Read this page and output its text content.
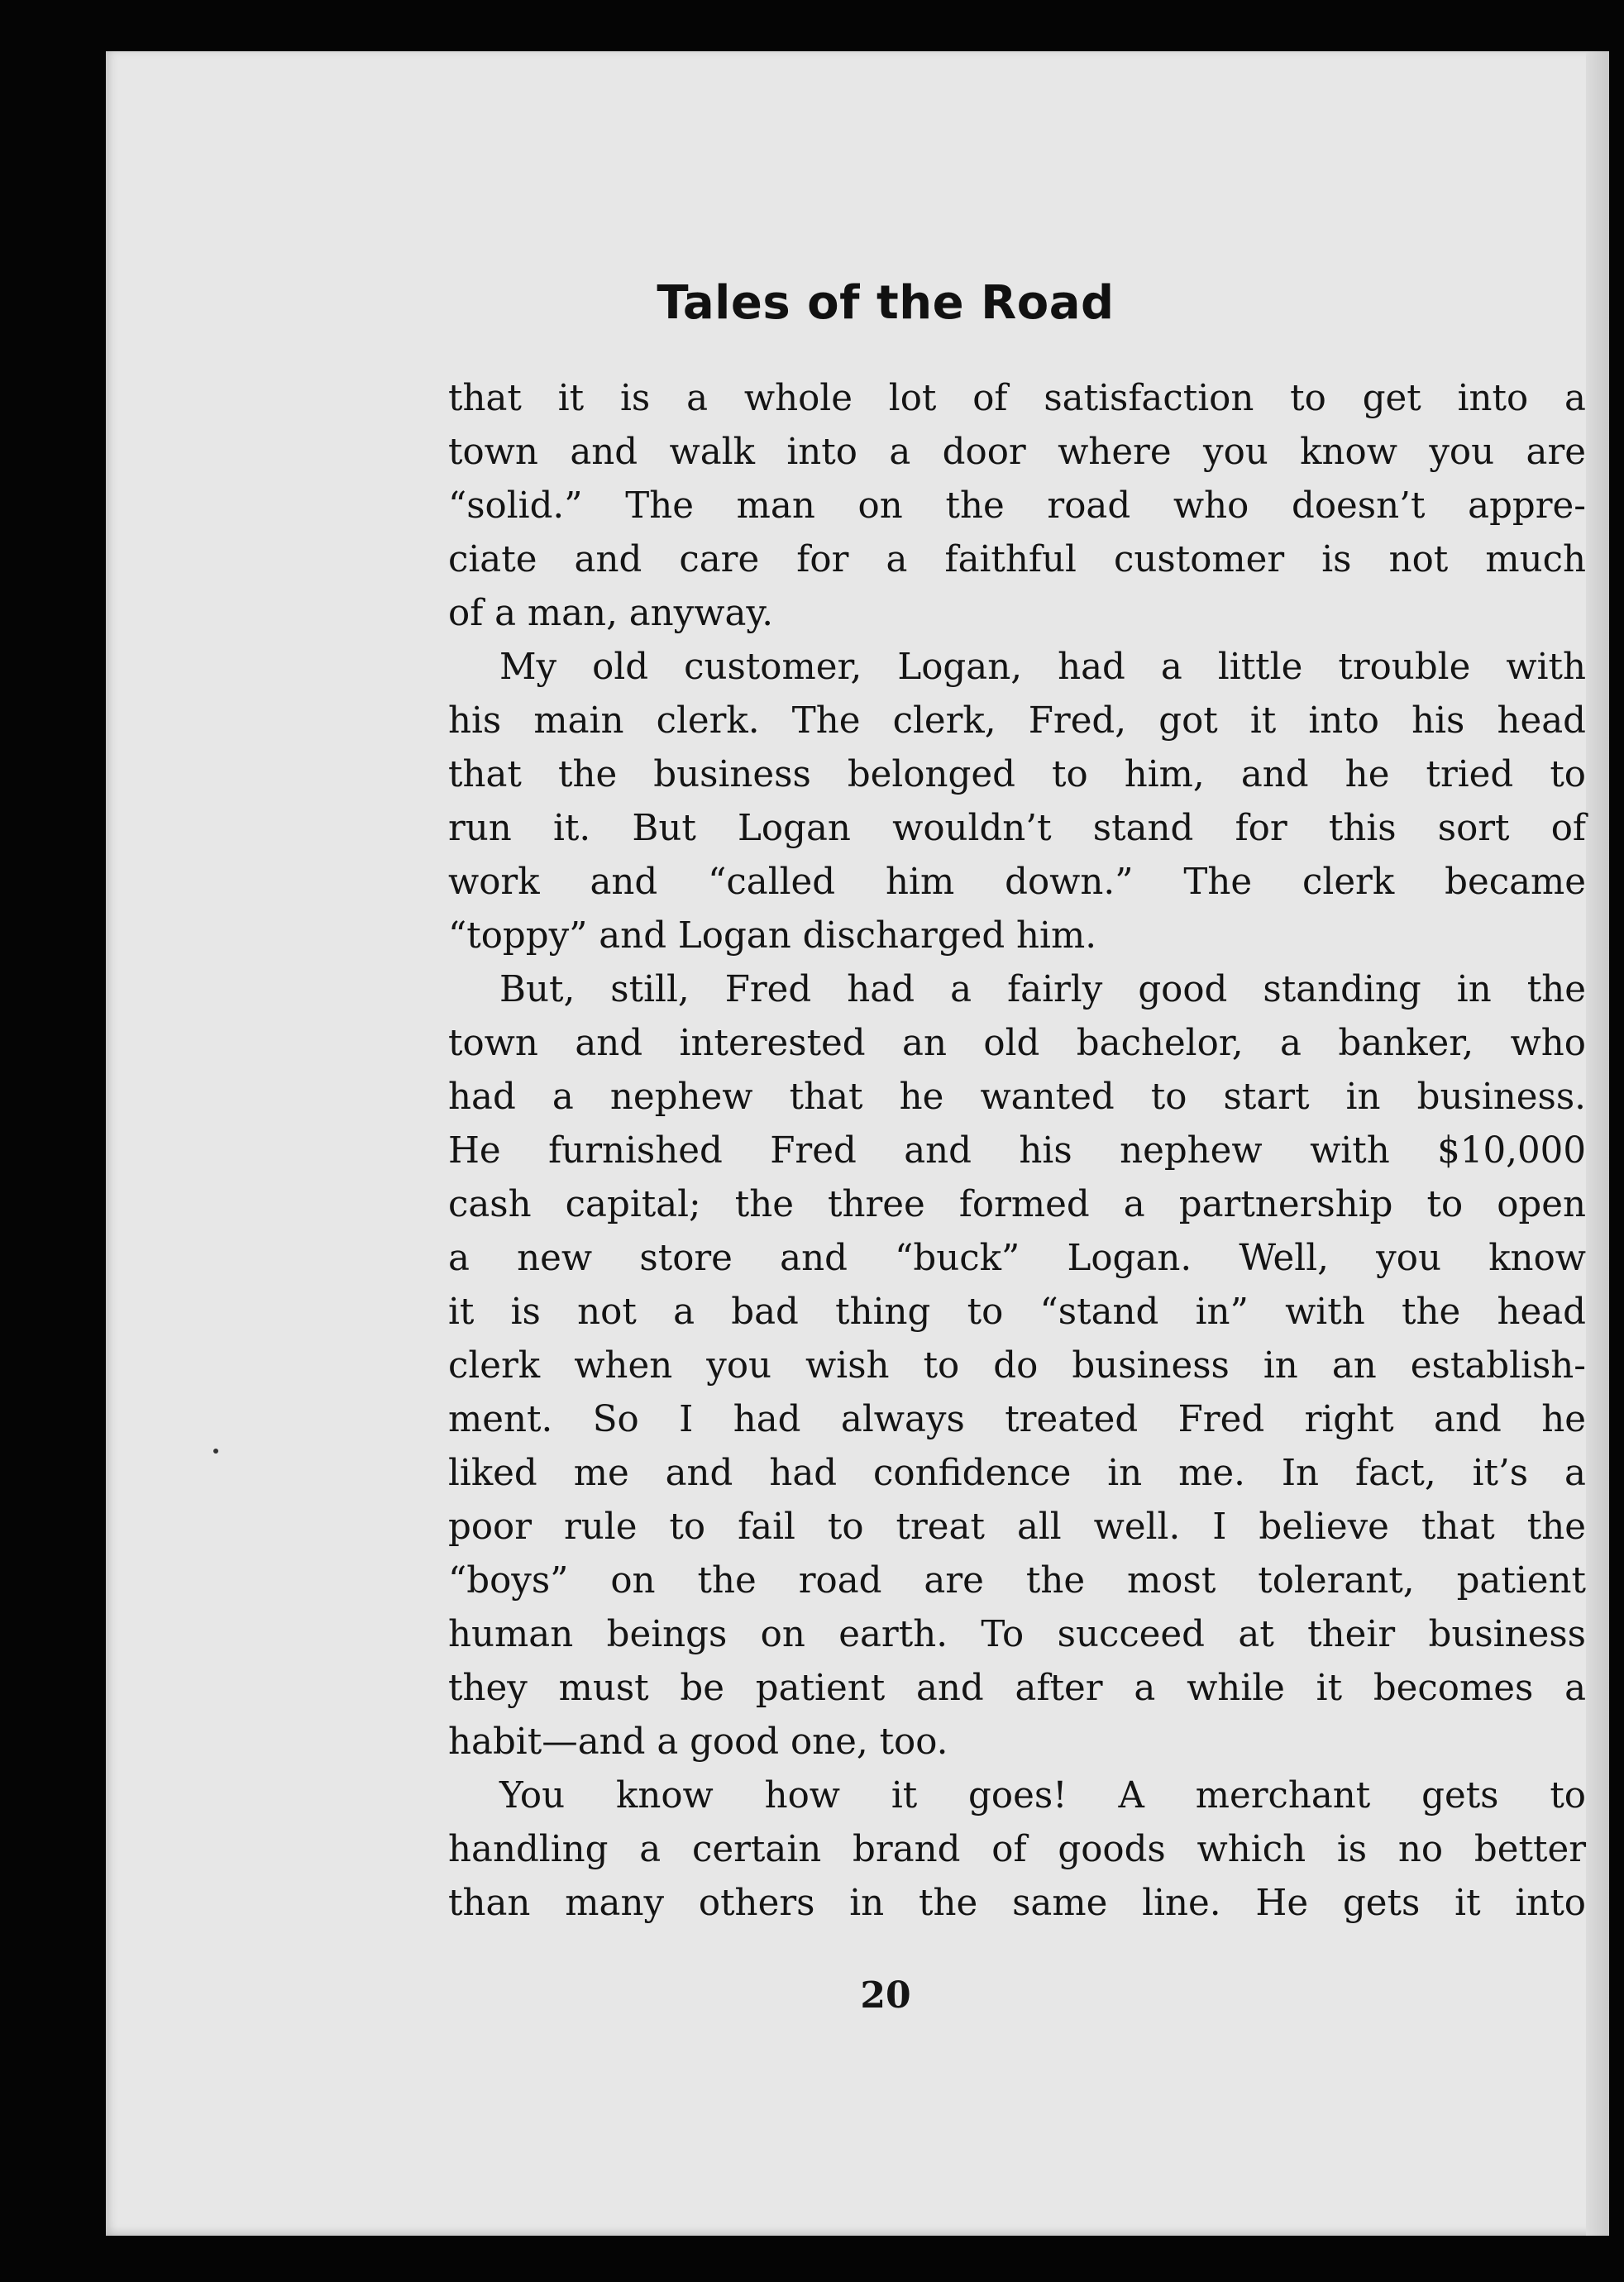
Tales of the Road
that it is a whole lot of satisfaction to get into a
town and walk into a door where you know you are
“solid.” The man on the road who doesn’t appre-
ciate and care for a faithful customer is not much
of a man, anyway.
My old customer, Logan, had a little trouble with
his main clerk. The clerk, Fred, got it into his head
that the business belonged to him, and he tried to
run it. But Logan wouldn’t stand for this sort of
work and “called him down.” The clerk became
“toppy” and Logan discharged him.
But, still, Fred had a fairly good standing in the
town and interested an old bachelor, a banker, who
had a nephew that he wanted to start in business.
He furnished Fred and his nephew with $10,000
cash capital; the three formed a partnership to open
a new store and “buck” Logan. Well, you know
it is not a bad thing to “stand in” with the head
clerk when you wish to do business in an establish-
ment. So I had always treated Fred right and he
liked me and had confidence in me. In fact, it’s a
poor rule to fail to treat all well. I believe that the
“boys” on the road are the most tolerant, patient
human beings on earth. To succeed at their business
they must be patient and after a while it becomes a
habit—and a good one, too.
You know how it goes! A merchant gets to
handling a certain brand of goods which is no better
than many others in the same line. He gets it into
20
